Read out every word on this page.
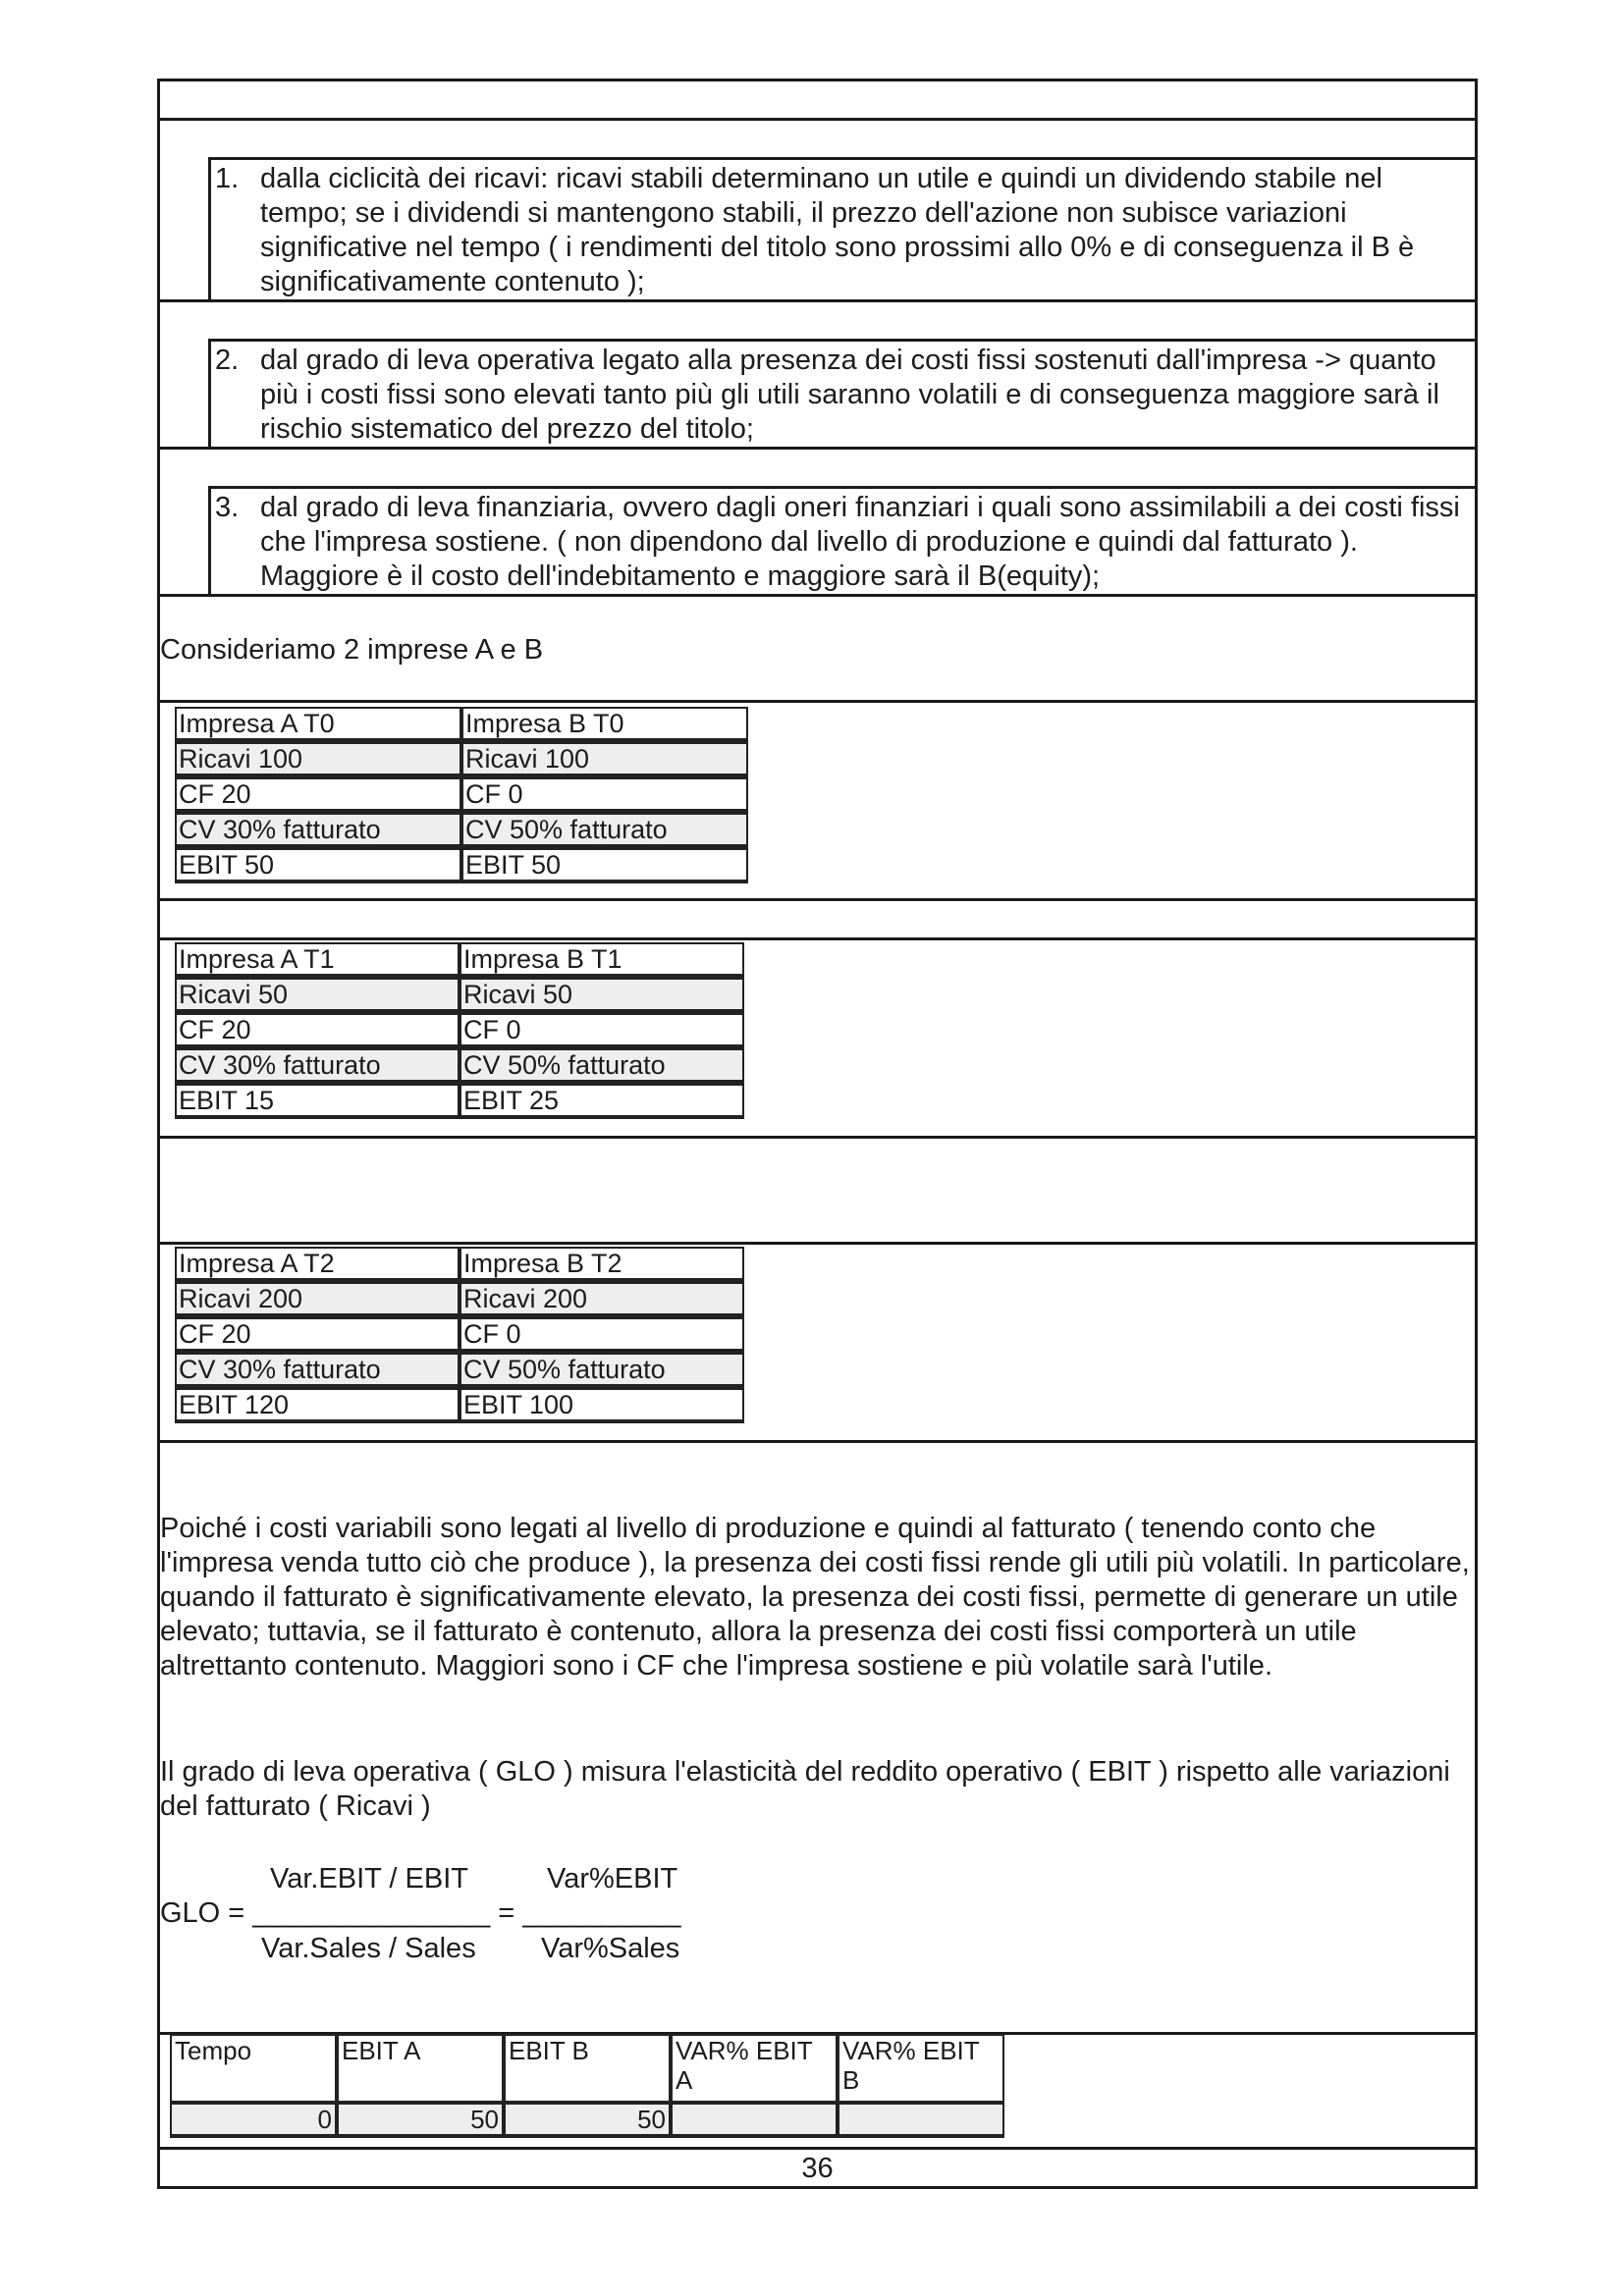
1. dalla ciclicità dei ricavi: ricavi stabili determinano un utile e quindi un dividendo stabile nel tempo; se i dividendi si mantengono stabili, il prezzo dell'azione non subisce variazioni significative nel tempo ( i rendimenti del titolo sono prossimi allo 0% e di conseguenza il B è significativamente contenuto );
2. dal grado di leva operativa legato alla presenza dei costi fissi sostenuti dall'impresa -> quanto più i costi fissi sono elevati tanto più gli utili saranno volatili e di conseguenza maggiore sarà il rischio sistematico del prezzo del titolo;
3. dal grado di leva finanziaria, ovvero dagli oneri finanziari i quali sono assimilabili a dei costi fissi che l'impresa sostiene. ( non dipendono dal livello di produzione e quindi dal fatturato ). Maggiore è il costo dell'indebitamento e maggiore sarà il B(equity);
Consideriamo 2 imprese A e B
Impresa A T0	Impresa B T0
Ricavi 100	Ricavi 100
CF 20	CF 0
CV 30% fatturato	CV 50% fatturato
EBIT 50	EBIT 50
Impresa A T1	Impresa B T1
Ricavi 50	Ricavi 50
CF 20	CF 0
CV 30% fatturato	CV 50% fatturato
EBIT 15	EBIT 25
Impresa A T2	Impresa B T2
Ricavi 200	Ricavi 200
CF 20	CF 0
CV 30% fatturato	CV 50% fatturato
EBIT 120	EBIT 100
Poiché i costi variabili sono legati al livello di produzione e quindi al fatturato ( tenendo conto che l'impresa venda tutto ciò che produce ), la presenza dei costi fissi rende gli utili più volatili. In particolare, quando il fatturato è significativamente elevato, la presenza dei costi fissi, permette di generare un utile elevato; tuttavia, se il fatturato è contenuto, allora la presenza dei costi fissi comporterà un utile altrettanto contenuto. Maggiori sono i CF che l'impresa sostiene e più volatile sarà l'utile.
Il grado di leva operativa ( GLO ) misura l'elasticità del reddito operativo ( EBIT ) rispetto alle variazioni del fatturato ( Ricavi )
Var.EBIT / EBIT	Var%EBIT
GLO = _______________ = __________
Var.Sales / Sales Var%Sales
Tempo	EBIT A	EBIT B	VAR% EBIT A	VAR% EBIT B
0	50	50		
36
